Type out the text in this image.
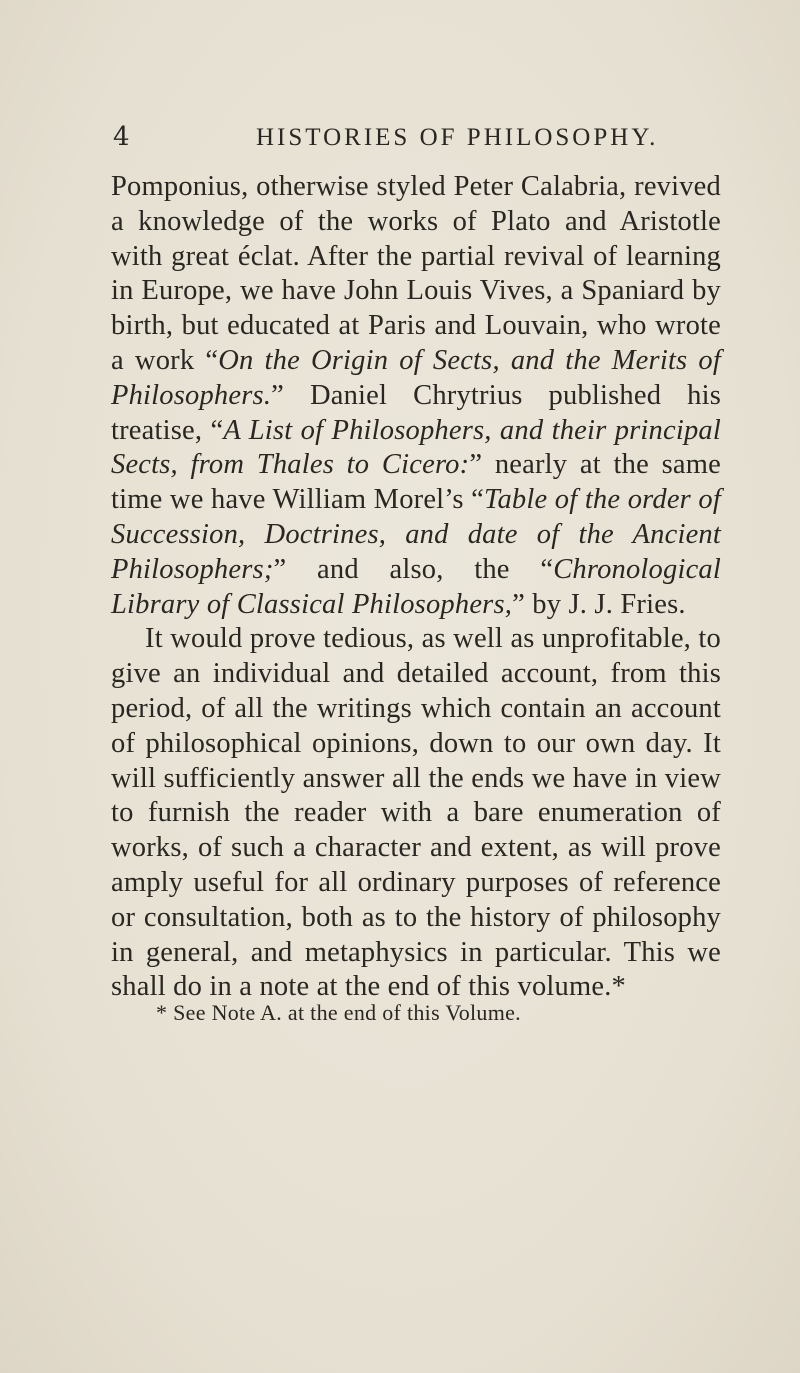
4	HISTORIES OF PHILOSOPHY.

Pomponius, otherwise styled Peter Calabria, revived a knowledge of the works of Plato and Aristotle with great éclat. After the partial revival of learning in Europe, we have John Louis Vives, a Spaniard by birth, but educated at Paris and Louvain, who wrote a work “On the Origin of Sects, and the Merits of Philosophers.” Daniel Chrytrius published his treatise, “A List of Philosophers, and their principal Sects, from Thales to Cicero:” nearly at the same time we have William Morel’s “Table of the order of Succession, Doctrines, and date of the Ancient Philosophers;” and also, the “Chronological Library of Classical Philosophers,” by J. J. Fries.

It would prove tedious, as well as unprofitable, to give an individual and detailed account, from this period, of all the writings which contain an account of philosophical opinions, down to our own day. It will sufficiently answer all the ends we have in view to furnish the reader with a bare enumeration of works, of such a character and extent, as will prove amply useful for all ordinary purposes of reference or consultation, both as to the history of philosophy in general, and metaphysics in particular. This we shall do in a note at the end of this volume.*

* See Note A. at the end of this Volume.
